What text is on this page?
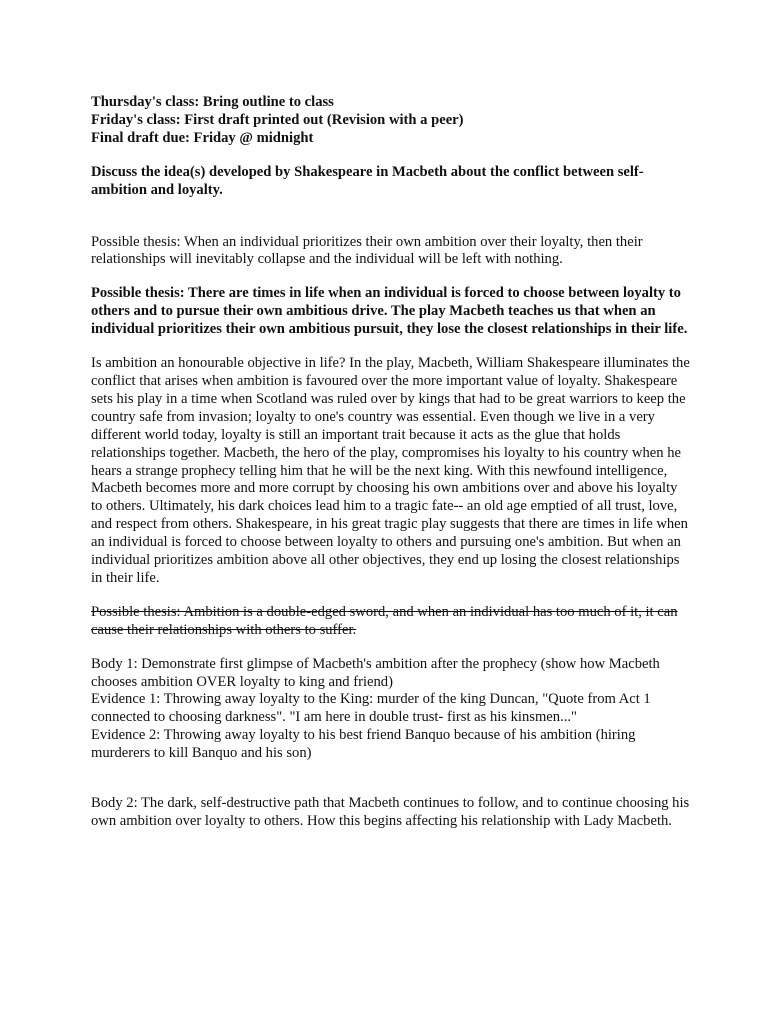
Thursday's class: Bring outline to class
Friday's class: First draft printed out (Revision with a peer)
Final draft due: Friday @ midnight

Discuss the idea(s) developed by Shakespeare in Macbeth about the conflict between self-ambition and loyalty.

Possible thesis: When an individual prioritizes their own ambition over their loyalty, then their relationships will inevitably collapse and the individual will be left with nothing.

Possible thesis: There are times in life when an individual is forced to choose between loyalty to others and to pursue their own ambitious drive. The play Macbeth teaches us that when an individual prioritizes their own ambitious pursuit, they lose the closest relationships in their life.

Is ambition an honourable objective in life? In the play, Macbeth, William Shakespeare illuminates the conflict that arises when ambition is favoured over the more important value of loyalty. Shakespeare sets his play in a time when Scotland was ruled over by kings that had to be great warriors to keep the country safe from invasion; loyalty to one's country was essential. Even though we live in a very different world today, loyalty is still an important trait because it acts as the glue that holds relationships together. Macbeth, the hero of the play, compromises his loyalty to his country when he hears a strange prophecy telling him that he will be the next king. With this newfound intelligence, Macbeth becomes more and more corrupt by choosing his own ambitions over and above his loyalty to others. Ultimately, his dark choices lead him to a tragic fate-- an old age emptied of all trust, love, and respect from others. Shakespeare, in his great tragic play suggests that there are times in life when an individual is forced to choose between loyalty to others and pursuing one's ambition. But when an individual prioritizes ambition above all other objectives, they end up losing the closest relationships in their life.

Possible thesis: Ambition is a double-edged sword, and when an individual has too much of it, it can cause their relationships with others to suffer.

Body 1: Demonstrate first glimpse of Macbeth's ambition after the prophecy (show how Macbeth chooses ambition OVER loyalty to king and friend)
Evidence 1: Throwing away loyalty to the King: murder of the king Duncan, "Quote from Act 1 connected to choosing darkness". "I am here in double trust- first as his kinsmen..."
Evidence 2: Throwing away loyalty to his best friend Banquo because of his ambition (hiring murderers to kill Banquo and his son)

Body 2: The dark, self-destructive path that Macbeth continues to follow, and to continue choosing his own ambition over loyalty to others. How this begins affecting his relationship with Lady Macbeth.
